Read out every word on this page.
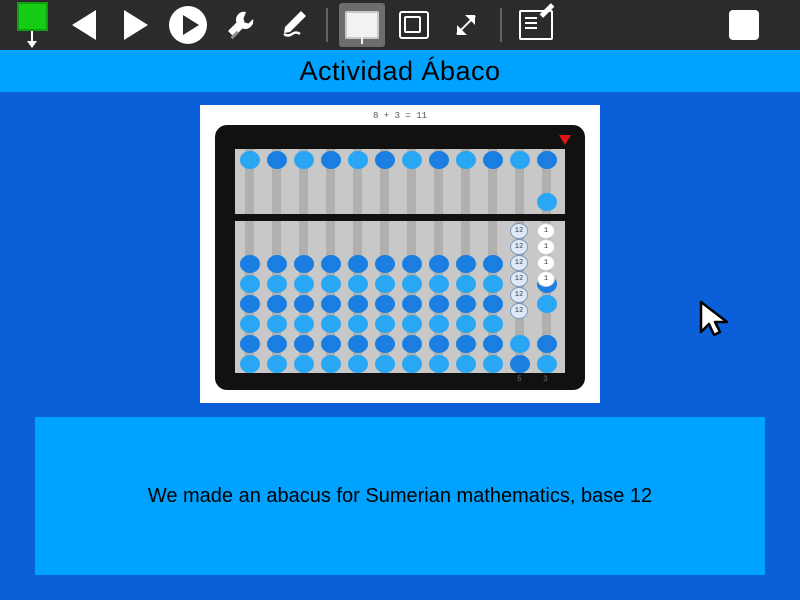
Actividad Ábaco
8 + 3 = 11
12
12
12
12
12
12
1
1
1
1
5	3
We made an abacus for Sumerian mathematics, base 12
